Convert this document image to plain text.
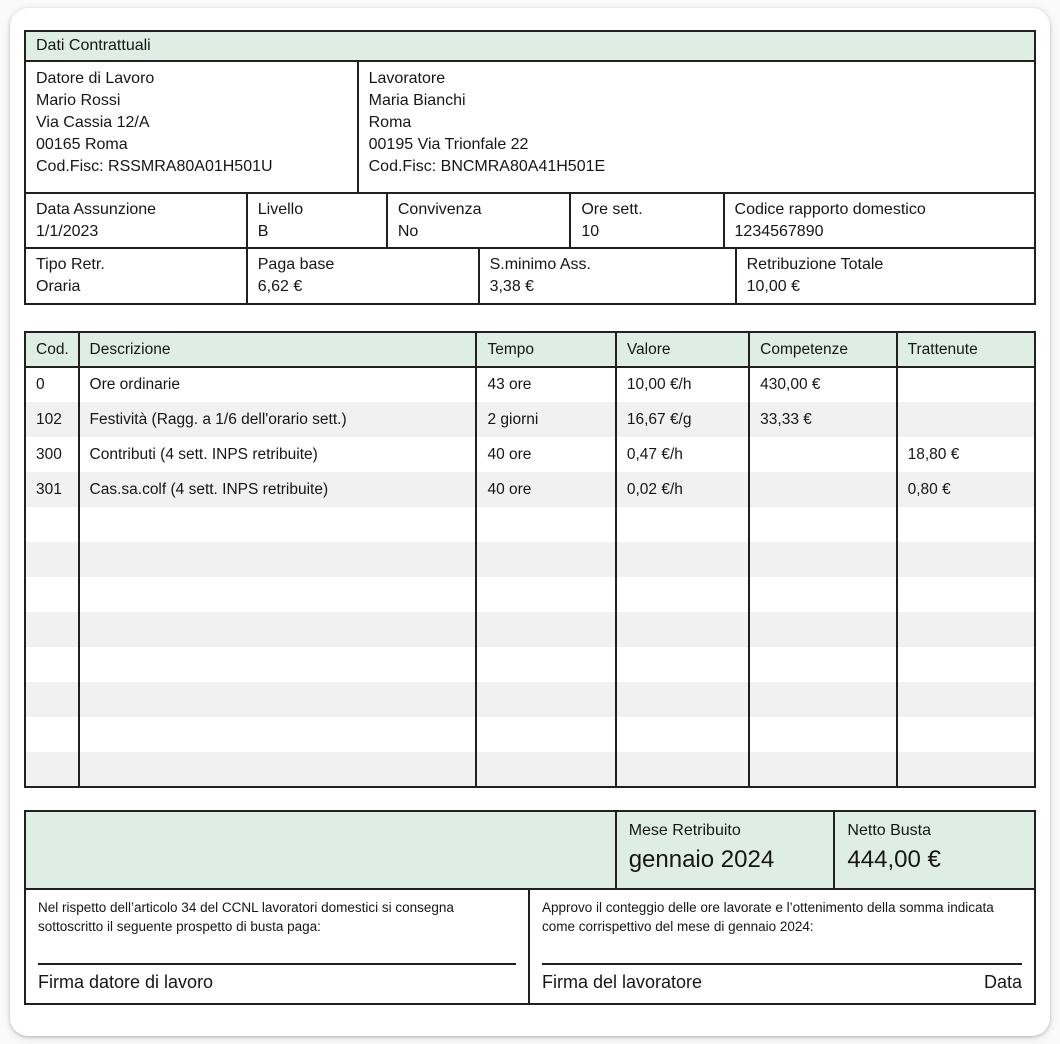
Dati Contrattuali
Datore di Lavoro
Mario Rossi
Via Cassia 12/A
00165 Roma
Cod.Fisc: RSSMRA80A01H501U
Lavoratore
Maria Bianchi
Roma
00195 Via Trionfale 22
Cod.Fisc: BNCMRA80A41H501E
Data Assunzione
1/1/2023
Livello
B
Convivenza
No
Ore sett.
10
Codice rapporto domestico
1234567890
Tipo Retr.
Oraria
Paga base
6,62 €
S.minimo Ass.
3,38 €
Retribuzione Totale
10,00 €
Cod.	Descrizione	Tempo	Valore	Competenze	Trattenute
0	Ore ordinarie	43 ore	10,00 €/h	430,00 €	
102	Festività (Ragg. a 1/6 dell'orario sett.)	2 giorni	16,67 €/g	33,33 €	
300	Contributi (4 sett. INPS retribuite)	40 ore	0,47 €/h		18,80 €
301	Cas.sa.colf (4 sett. INPS retribuite)	40 ore	0,02 €/h		0,80 €

Mese Retribuito
gennaio 2024
Netto Busta
444,00 €
Nel rispetto dell’articolo 34 del CCNL lavoratori domestici si consegna sottoscritto il seguente prospetto di busta paga:
Firma datore di lavoro
Approvo il conteggio delle ore lavorate e l’ottenimento della somma indicata come corrispettivo del mese di gennaio 2024:
Firma del lavoratore	Data
